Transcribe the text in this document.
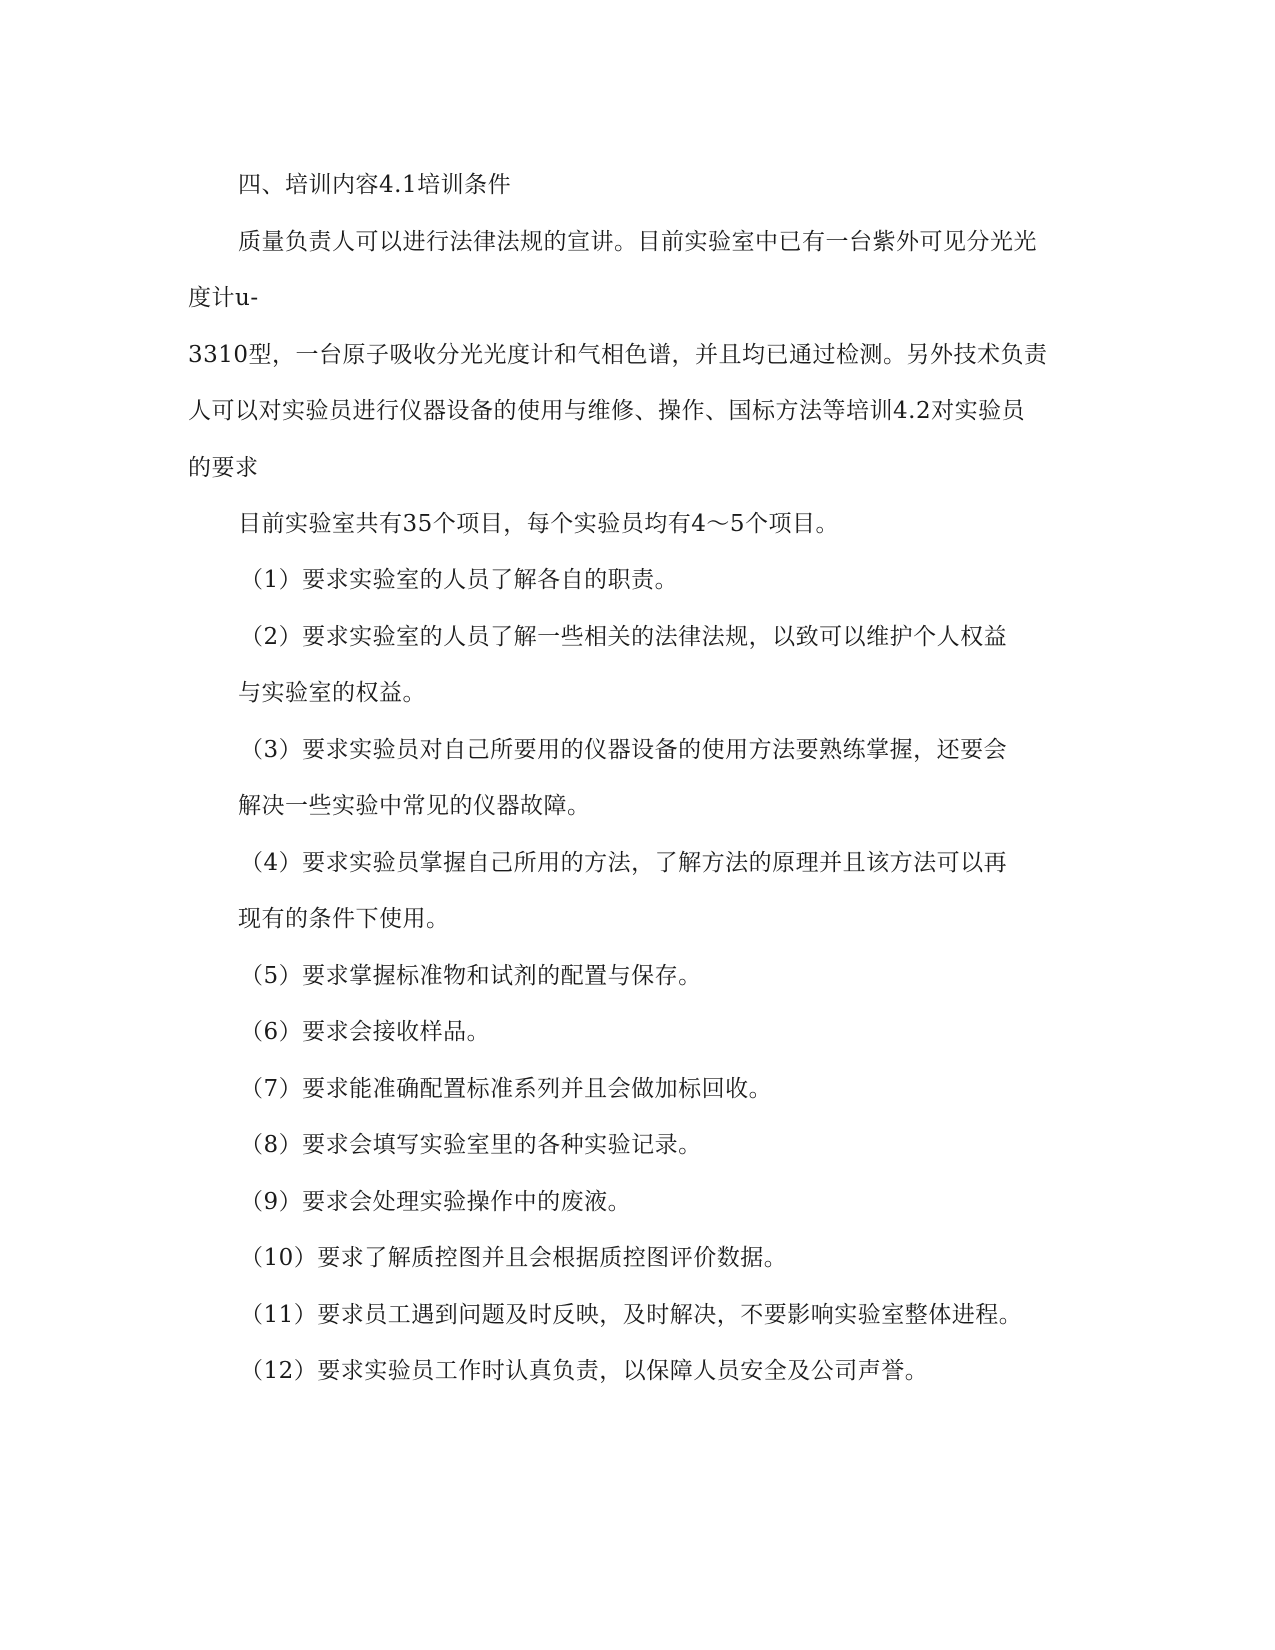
四、培训内容4.1培训条件
质量负责人可以进行法律法规的宣讲。目前实验室中已有一台紫外可见分光光
度计u-
3310型，一台原子吸收分光光度计和气相色谱，并且均已通过检测。另外技术负责
人可以对实验员进行仪器设备的使用与维修、操作、国标方法等培训4.2对实验员
的要求
目前实验室共有35个项目，每个实验员均有4～5个项目。
（1）要求实验室的人员了解各自的职责。
（2）要求实验室的人员了解一些相关的法律法规，以致可以维护个人权益
与实验室的权益。
（3）要求实验员对自己所要用的仪器设备的使用方法要熟练掌握，还要会
解决一些实验中常见的仪器故障。
（4）要求实验员掌握自己所用的方法，了解方法的原理并且该方法可以再
现有的条件下使用。
（5）要求掌握标准物和试剂的配置与保存。
（6）要求会接收样品。
（7）要求能准确配置标准系列并且会做加标回收。
（8）要求会填写实验室里的各种实验记录。
（9）要求会处理实验操作中的废液。
（10）要求了解质控图并且会根据质控图评价数据。
（11）要求员工遇到问题及时反映，及时解决，不要影响实验室整体进程。
（12）要求实验员工作时认真负责，以保障人员安全及公司声誉。
